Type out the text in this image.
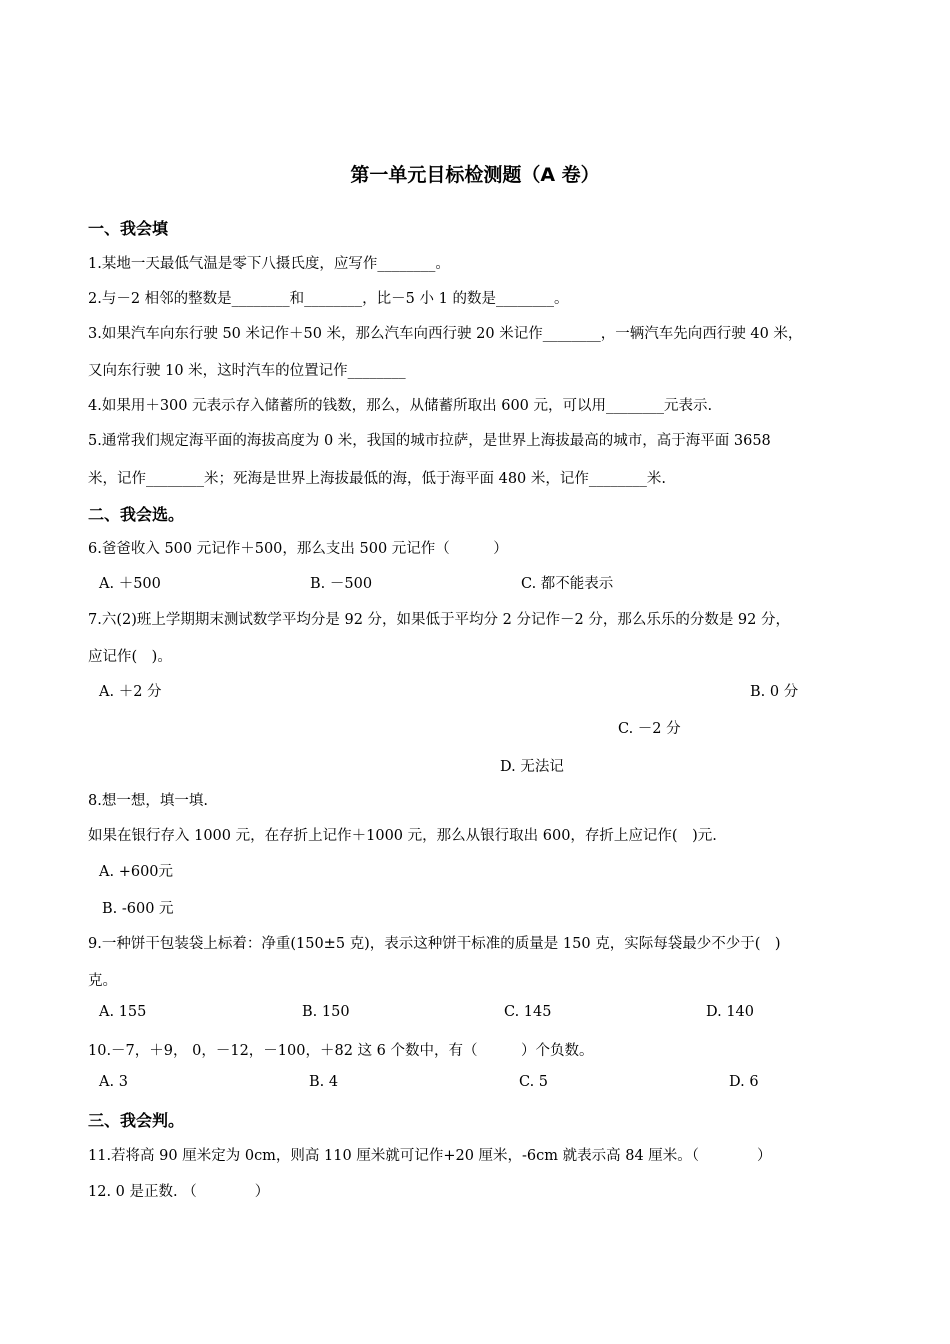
第一单元目标检测题（A 卷）
一、我会填
1.某地一天最低气温是零下八摄氏度，应写作________。
2.与－2 相邻的整数是________和________，比－5 小 1 的数是________。
3.如果汽车向东行驶 50 米记作＋50 米，那么汽车向西行驶 20 米记作________，一辆汽车先向西行驶 40 米，
又向东行驶 10 米，这时汽车的位置记作________
4.如果用＋300 元表示存入储蓄所的钱数，那么，从储蓄所取出 600 元，可以用________元表示.
5.通常我们规定海平面的海拔高度为 0 米，我国的城市拉萨，是世界上海拔最高的城市，高于海平面 3658
米，记作________米；死海是世界上海拔最低的海，低于海平面 480 米，记作________米.
二、我会选。
6.爸爸收入 500 元记作＋500，那么支出 500 元记作（　　　）
A. ＋500	B. －500	C. 都不能表示
7.六(2)班上学期期末测试数学平均分是 92 分，如果低于平均分 2 分记作－2 分，那么乐乐的分数是 92 分，
应记作(　)。
A. ＋2 分	B. 0 分
C. －2 分
D. 无法记
8.想一想，填一填.
如果在银行存入 1000 元，在存折上记作＋1000 元，那么从银行取出 600，存折上应记作(　)元.
A. +600元
B. -600 元
9.一种饼干包装袋上标着：净重(150±5 克)，表示这种饼干标准的质量是 150 克，实际每袋最少不少于(　)
克。
A. 155	B. 150	C. 145	D. 140
10.－7，＋9， 0，－12，－100，＋82 这 6 个数中，有（　　　）个负数。
A. 3	B. 4	C. 5	D. 6
三、我会判。
11.若将高 90 厘米定为 0cm，则高 110 厘米就可记作+20 厘米，-6cm 就表示高 84 厘米。（　　　　）
12. 0 是正数. （　　　　）
